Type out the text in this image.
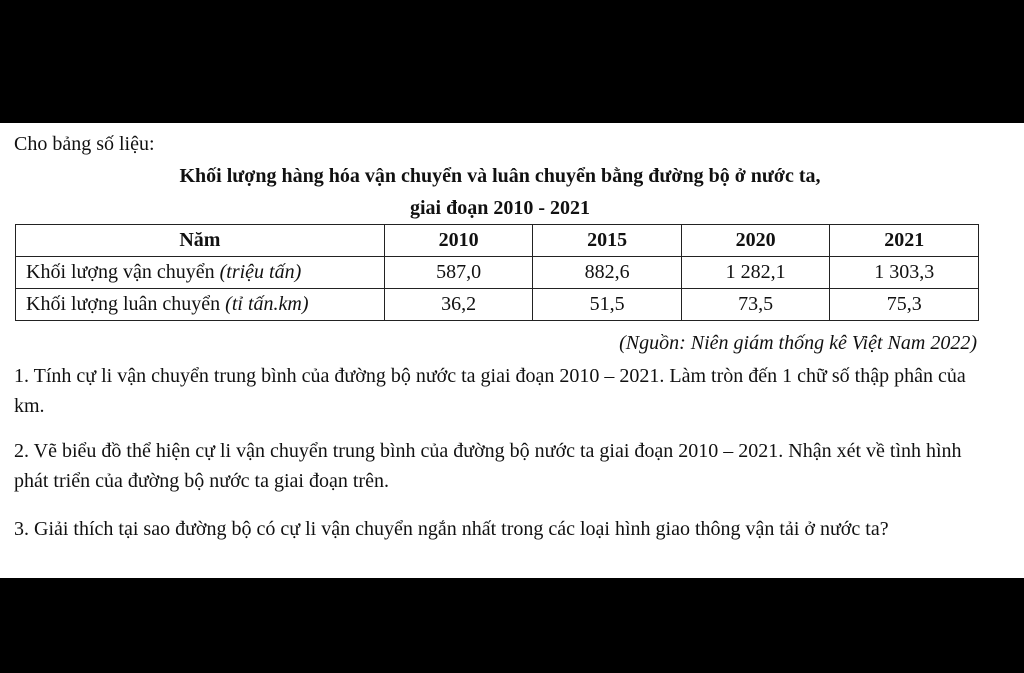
Cho bảng số liệu:
Khối lượng hàng hóa vận chuyển và luân chuyển bằng đường bộ ở nước ta,
giai đoạn 2010 - 2021
Năm	2010	2015	2020	2021
Khối lượng vận chuyển (triệu tấn)	587,0	882,6	1 282,1	1 303,3
Khối lượng luân chuyển (tỉ tấn.km)	36,2	51,5	73,5	75,3
(Nguồn: Niên giám thống kê Việt Nam 2022)
1. Tính cự li vận chuyển trung bình của đường bộ nước ta giai đoạn 2010 – 2021. Làm tròn đến 1 chữ số thập phân của km.
2. Vẽ biểu đồ thể hiện cự li vận chuyển trung bình của đường bộ nước ta giai đoạn 2010 – 2021. Nhận xét về tình hình phát triển của đường bộ nước ta giai đoạn trên.
3. Giải thích tại sao đường bộ có cự li vận chuyển ngắn nhất trong các loại hình giao thông vận tải ở nước ta?
